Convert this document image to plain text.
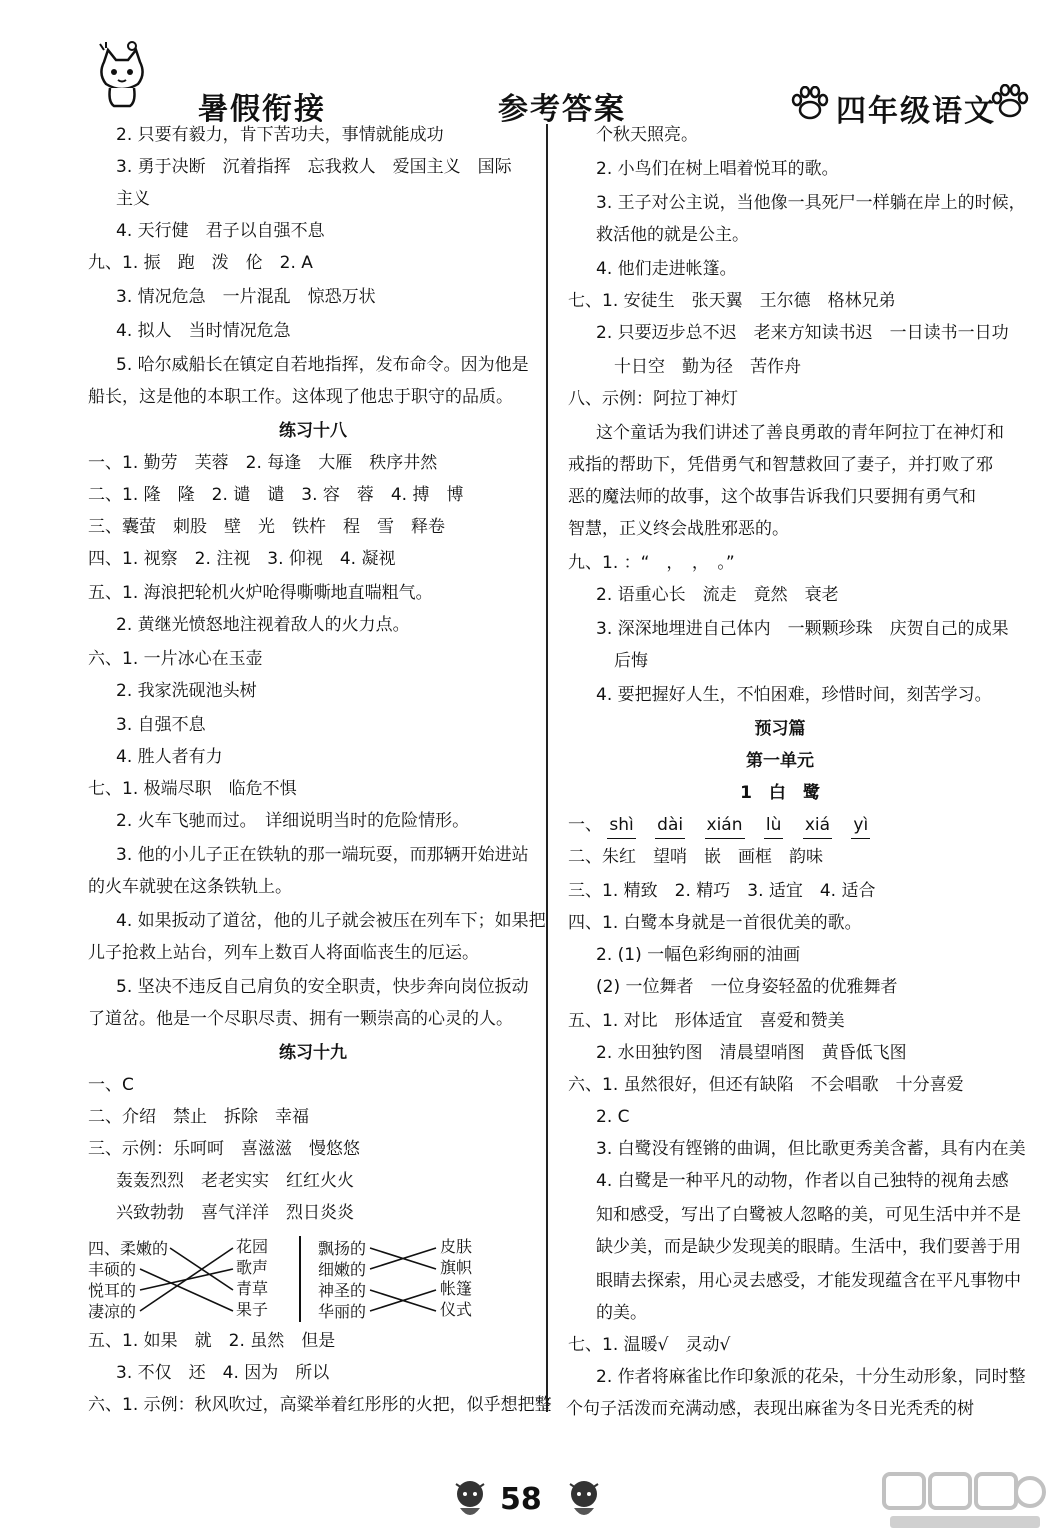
暑假衔接	参考答案	四年级语文
2. 只要有毅力，肯下苦功夫，事情就能成功
3. 勇于决断　沉着指挥　忘我救人　爱国主义　国际
主义
4. 天行健　君子以自强不息
九、1. 振　跑　泼　伦　2. A
3. 情况危急　一片混乱　惊恐万状
4. 拟人　当时情况危急
5. 哈尔威船长在镇定自若地指挥，发布命令。因为他是
船长，这是他的本职工作。这体现了他忠于职守的品质。
练习十八
一、1. 勤劳　芙蓉　2. 每逢　大雁　秩序井然
二、1. 隆　隆　2. 谴　谴　3. 容　蓉　4. 搏　博
三、囊萤　刺股　壁　光　铁杵　程　雪　释卷
四、1. 视察　2. 注视　3. 仰视　4. 凝视
五、1. 海浪把轮机火炉呛得嘶嘶地直喘粗气。
2. 黄继光愤怒地注视着敌人的火力点。
六、1. 一片冰心在玉壶
2. 我家洗砚池头树
3. 自强不息
4. 胜人者有力
七、1. 极端尽职　临危不惧
2. 火车飞驰而过。　详细说明当时的危险情形。
3. 他的小儿子正在铁轨的那一端玩耍，而那辆开始进站
的火车就驶在这条铁轨上。
4. 如果扳动了道岔，他的儿子就会被压在列车下；如果把
儿子抢救上站台，列车上数百人将面临丧生的厄运。
5. 坚决不违反自己肩负的安全职责，快步奔向岗位扳动
了道岔。他是一个尽职尽责、拥有一颗崇高的心灵的人。
练习十九
一、C
二、介绍　禁止　拆除　幸福
三、示例：乐呵呵　喜滋滋　慢悠悠
轰轰烈烈　老老实实　红红火火
兴致勃勃　喜气洋洋　烈日炎炎
四、 柔嫩的
丰硕的
悦耳的
凄凉的
花园
歌声
青草
果子
飘扬的
细嫩的
神圣的
华丽的
皮肤
旗帜
帐篷
仪式
五、1. 如果　就　2. 虽然　但是
3. 不仅　还　4. 因为　所以
六、1. 示例：秋风吹过，高粱举着红彤彤的火把，似乎想把整
个秋天照亮。
2. 小鸟们在树上唱着悦耳的歌。
3. 王子对公主说，当他像一具死尸一样躺在岸上的时候，
救活他的就是公主。
4. 他们走进帐篷。
七、1. 安徒生　张天翼　王尔德　格林兄弟
2. 只要迈步总不迟　老来方知读书迟　一日读书一日功
十日空　勤为径　苦作舟
八、示例：阿拉丁神灯
这个童话为我们讲述了善良勇敢的青年阿拉丁在神灯和
戒指的帮助下，凭借勇气和智慧救回了妻子，并打败了邪
恶的魔法师的故事，这个故事告诉我们只要拥有勇气和
智慧，正义终会战胜邪恶的。
九、1. ：“　，　，　。”
2. 语重心长　流走　竟然　衰老
3. 深深地埋进自己体内　一颗颗珍珠　庆贺自己的成果
后悔
4. 要把握好人生，不怕困难，珍惜时间，刻苦学习。
预习篇
第一单元
1　白　鹭
一、 shì dài xián lù xiá yì
二、朱红　望哨　嵌　画框　韵味
三、1. 精致　2. 精巧　3. 适宜　4. 适合
四、1. 白鹭本身就是一首很优美的歌。
2. (1) 一幅色彩绚丽的油画
(2) 一位舞者　一位身姿轻盈的优雅舞者
五、1. 对比　形体适宜　喜爱和赞美
2. 水田独钓图　清晨望哨图　黄昏低飞图
六、1. 虽然很好，但还有缺陷　不会唱歌　十分喜爱
2. C
3. 白鹭没有铿锵的曲调，但比歌更秀美含蓄，具有内在美
4. 白鹭是一种平凡的动物，作者以自己独特的视角去感
知和感受，写出了白鹭被人忽略的美，可见生活中并不是
缺少美，而是缺少发现美的眼睛。生活中，我们要善于用
眼睛去探索，用心灵去感受，才能发现蕴含在平凡事物中
的美。
七、1. 温暖√　灵动√
2. 作者将麻雀比作印象派的花朵，十分生动形象，同时整
个句子活泼而充满动感，表现出麻雀为冬日光秃秃的树
58
